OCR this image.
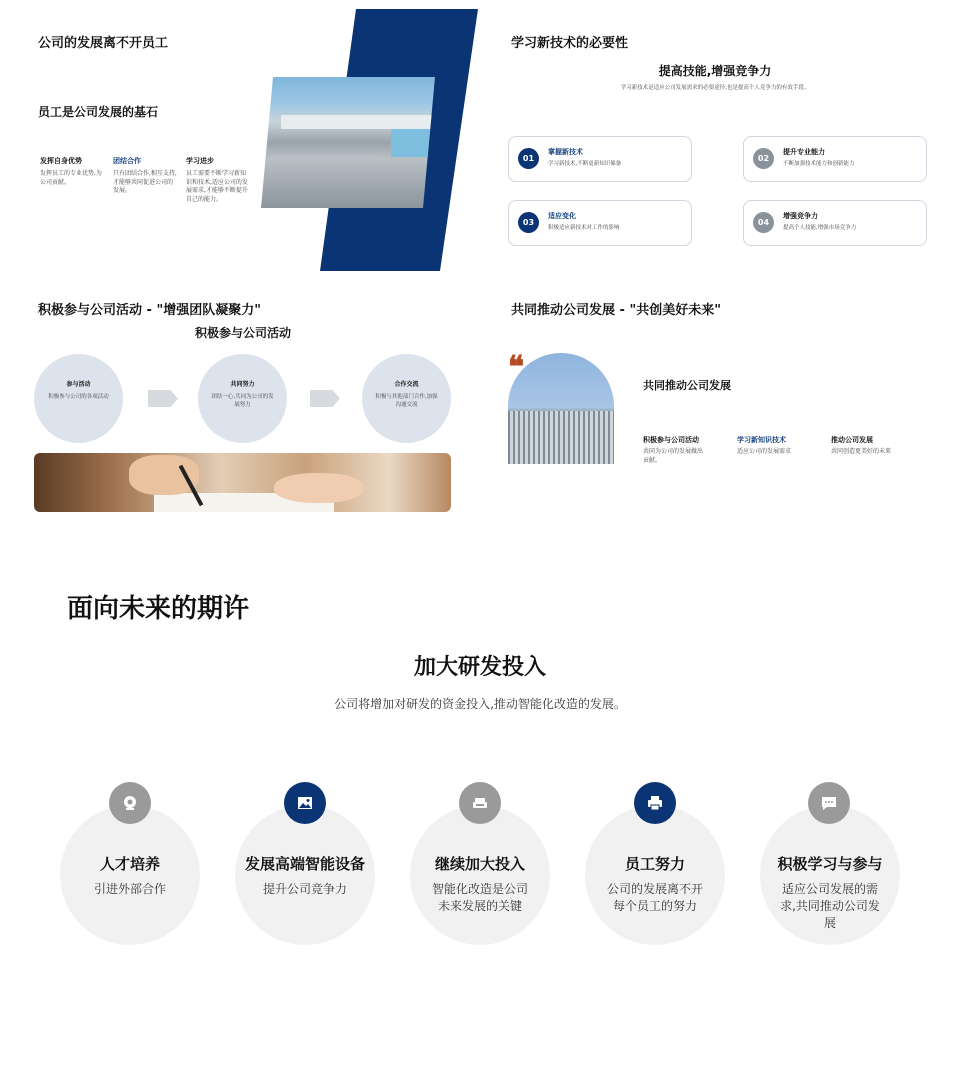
公司的发展离不开员工
员工是公司发展的基石
发挥自身优势
发挥员工的专业优势,为公司贡献。
团结合作
只有团结合作,相互支持,才能够共同促进公司的发展。
学习进步
员工需要不断学习新知识和技术,适应公司的发展需求,才能够不断提升自己的能力。
学习新技术的必要性
提高技能,增强竞争力
学习新技术是适应公司发展需求的必要途径,也是提高个人竞争力的有效手段。
01
掌握新技术
学习新技术,不断更新知识储备
02
提升专业能力
不断加强技术能力和创新能力
03
适应变化
积极适应新技术对工作的影响
04
增强竞争力
提高个人技能,增强市场竞争力
积极参与公司活动 - "增强团队凝聚力"
积极参与公司活动
参与活动
积极参与公司的各项活动
共同努力
团结一心,共同为公司的发展努力
合作交流
积极与其他部门合作,加强沟通交流
共同推动公司发展 - "共创美好未来"
❝
共同推动公司发展
积极参与公司活动
共同为公司的发展做出贡献。
学习新知识技术
适应公司的发展需求
推动公司发展
共同创造更美好的未来
面向未来的期许
加大研发投入
公司将增加对研发的资金投入,推动智能化改造的发展。
人才培养
引进外部合作
发展高端智能设备
提升公司竞争力
继续加大投入
智能化改造是公司未来发展的关键
员工努力
公司的发展离不开每个员工的努力
积极学习与参与
适应公司发展的需求,共同推动公司发展
